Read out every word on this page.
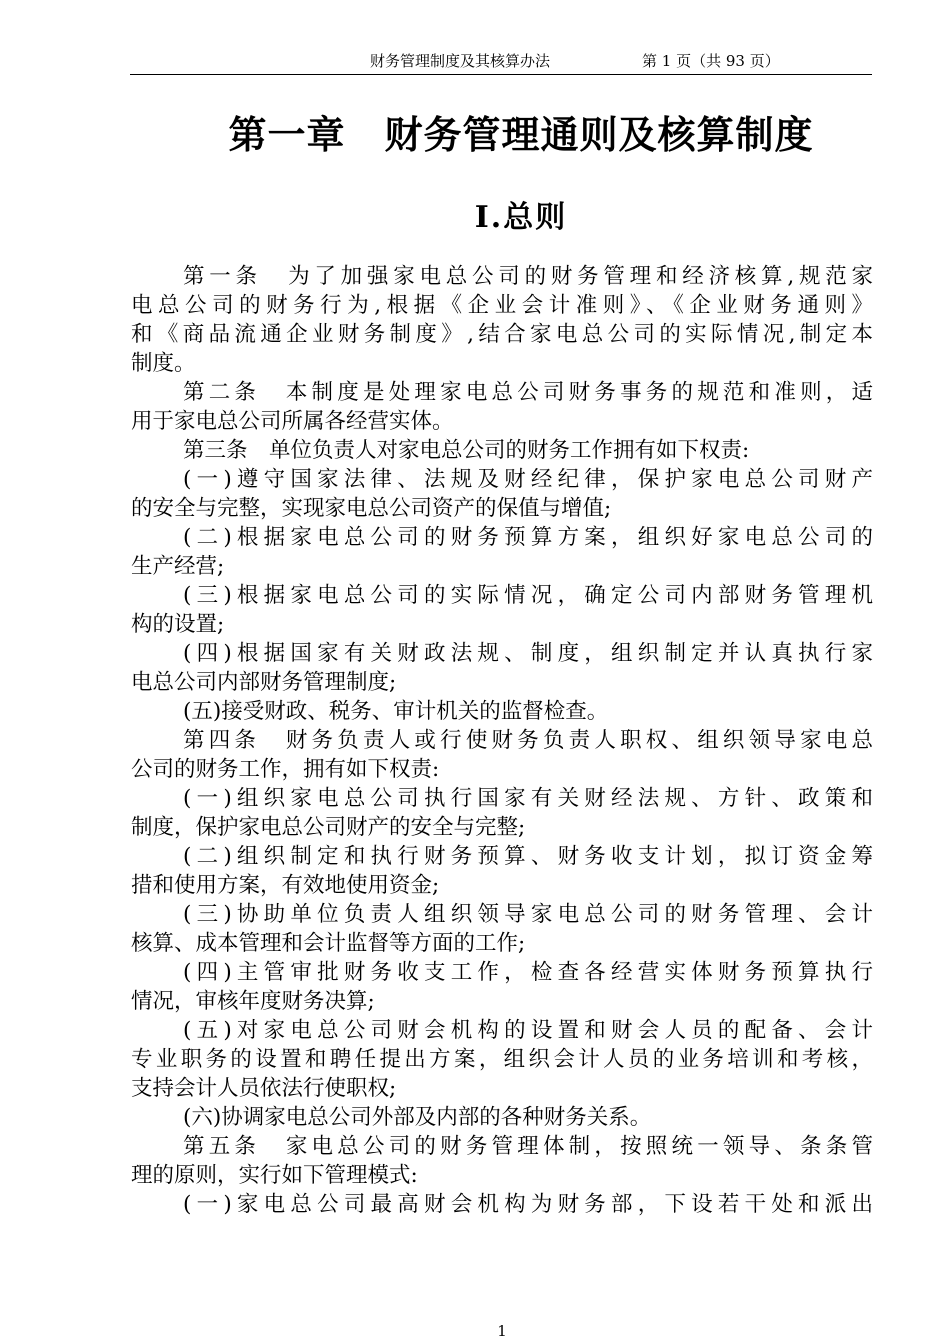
财务管理制度及其核算办法	第 1 页（共 93 页）
第一章　财务管理通则及核算制度
Ⅰ.总则
第一条　为了加强家电总公司的财务管理和经济核算,规范家
电总公司的财务行为,根据《企业会计准则》、《企业财务通则》
和《商品流通企业财务制度》,结合家电总公司的实际情况,制定本
制度。
第二条　本制度是处理家电总公司财务事务的规范和准则，适
用于家电总公司所属各经营实体。
第三条　单位负责人对家电总公司的财务工作拥有如下权责:
(一)遵守国家法律、法规及财经纪律，保护家电总公司财产
的安全与完整，实现家电总公司资产的保值与增值;
(二)根据家电总公司的财务预算方案，组织好家电总公司的
生产经营;
(三)根据家电总公司的实际情况，确定公司内部财务管理机
构的设置;
(四)根据国家有关财政法规、制度，组织制定并认真执行家
电总公司内部财务管理制度;
(五)接受财政、税务、审计机关的监督检查。
第四条　财务负责人或行使财务负责人职权、组织领导家电总
公司的财务工作，拥有如下权责:
(一)组织家电总公司执行国家有关财经法规、方针、政策和
制度，保护家电总公司财产的安全与完整;
(二)组织制定和执行财务预算、财务收支计划，拟订资金筹
措和使用方案，有效地使用资金;
(三)协助单位负责人组织领导家电总公司的财务管理、会计
核算、成本管理和会计监督等方面的工作;
(四)主管审批财务收支工作，检查各经营实体财务预算执行
情况，审核年度财务决算;
(五)对家电总公司财会机构的设置和财会人员的配备、会计
专业职务的设置和聘任提出方案，组织会计人员的业务培训和考核，
支持会计人员依法行使职权;
(六)协调家电总公司外部及内部的各种财务关系。
第五条　家电总公司的财务管理体制，按照统一领导、条条管
理的原则，实行如下管理模式:
(一)家电总公司最高财会机构为财务部，下设若干处和派出
1
